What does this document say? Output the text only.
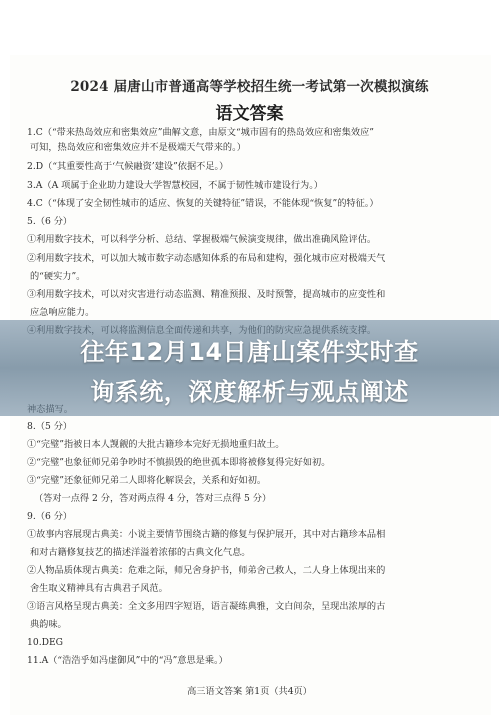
2024 届唐山市普通高等学校招生统一考试第一次模拟演练
语文答案
1.C（“带来热岛效应和密集效应”曲解文意，由原文“城市固有的热岛效应和密集效应”
可知，热岛效应和密集效应并不是极端天气带来的。）
2.D（“其重要性高于‘气候融资’建设”依据不足。）
3.A（A 项属于企业助力建设大学智慧校园，不属于韧性城市建设行为。）
4.C（“体现了安全韧性城市的适应、恢复的关键特征”错误，不能体现“恢复”的特征。）
5.（6 分）
①利用数字技术，可以科学分析、总结、掌握极端气候演变规律，做出准确风险评估。
②利用数字技术，可以加大城市数字动态感知体系的布局和建构，强化城市应对极端天气
的“硬实力”。
③利用数字技术，可以对灾害进行动态监测、精准预报、及时预警，提高城市的应变性和
应急响应能力。
8.（5 分）
①“完璧”指被日本人觊觎的大批古籍珍本完好无损地重归故土。
②“完璧”也象征师兄弟争吵时不慎损毁的绝世孤本即将被修复得完好如初。
③“完璧”还象征师兄弟二人即将化解误会，关系和好如初。
（答对一点得 2 分，答对两点得 4 分，答对三点得 5 分）
9.（6 分）
①故事内容展现古典美：小说主要情节围绕古籍的修复与保护展开，其中对古籍珍本品相
和对古籍修复技艺的描述洋溢着浓郁的古典文化气息。
②人物品质体现古典美：危难之际，师兄舍身护书，师弟舍己救人，二人身上体现出来的
舍生取义精神具有古典君子风范。
③语言风格呈现古典美：全文多用四字短语，语言凝练典雅，文白间杂，呈现出浓厚的古
典韵味。
10.DEG
11.A（“浩浩乎如冯虚御风”中的“冯”意思是乘。）
高三语文答案 第1页（共4页）
往年12月14日唐山案件实时查
询系统，深度解析与观点阐述
